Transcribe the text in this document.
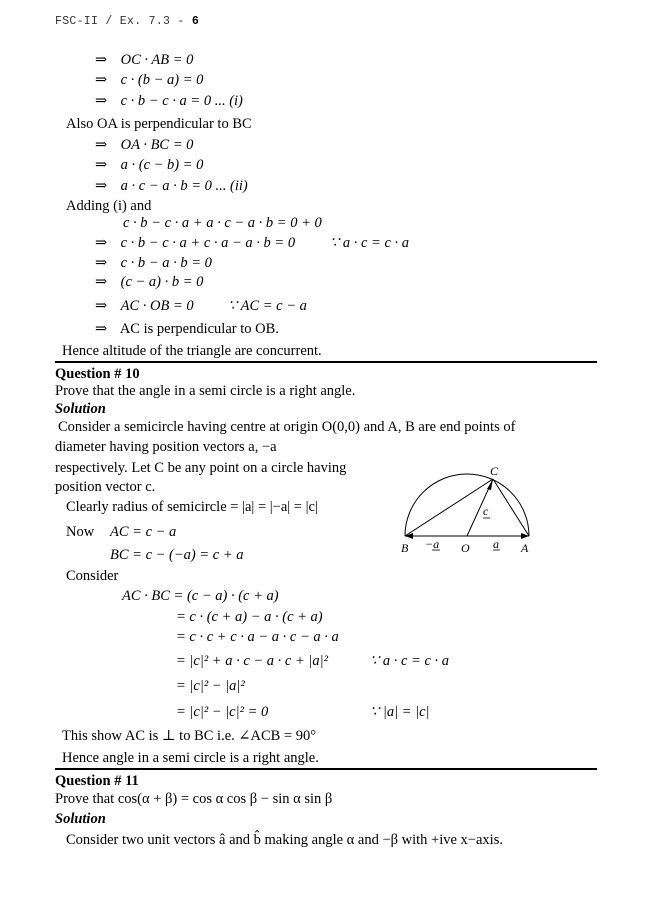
FSC-II / Ex. 7.3 - 6
⇒ OC · AB = 0
⇒ c · (b − a) = 0
⇒ c · b − c · a = 0 ... (i)
Also OA is perpendicular to BC
⇒ OA · BC = 0
⇒ a · (c − b) = 0
⇒ a · c − a · b = 0 ... (ii)
Adding (i) and
c · b − c · a + a · c − a · b = 0 + 0
⇒ c · b − c · a + c · a − a · b = 0 ∵ a · c = c · a
⇒ c · b − a · b = 0
⇒ (c − a) · b = 0
⇒ AC · OB = 0 ∵ AC = c − a
⇒ AC is perpendicular to OB.
Hence altitude of the triangle are concurrent.
Question # 10
Prove that the angle in a semi circle is a right angle.
Solution
Consider a semicircle having centre at origin O(0,0) and A, B are end points of
diameter having position vectors a, −a
respectively. Let C be any point on a circle having
position vector c.
Clearly radius of semicircle = |a| = |−a| = |c|
Now AC = c − a
BC = c − (−a) = c + a
Consider
AC · BC = (c − a) · (c + a)
= c · (c + a) − a · (c + a)
= c · c + c · a − a · c − a · a
= |c|² + a · c − a · c + |a|²	∵ a · c = c · a
= |c|² − |a|²
= |c|² − |c|² = 0	∵ |a| = |c|
This show AC is ⊥ to BC i.e. ∠ACB = 90°
Hence angle in a semi circle is a right angle.
C
c
B −a O a A
Question # 11
Prove that cos(α + β) = cos α cos β − sin α sin β
Solution
Consider two unit vectors â and b̂ making angle α and −β with +ive x−axis.
